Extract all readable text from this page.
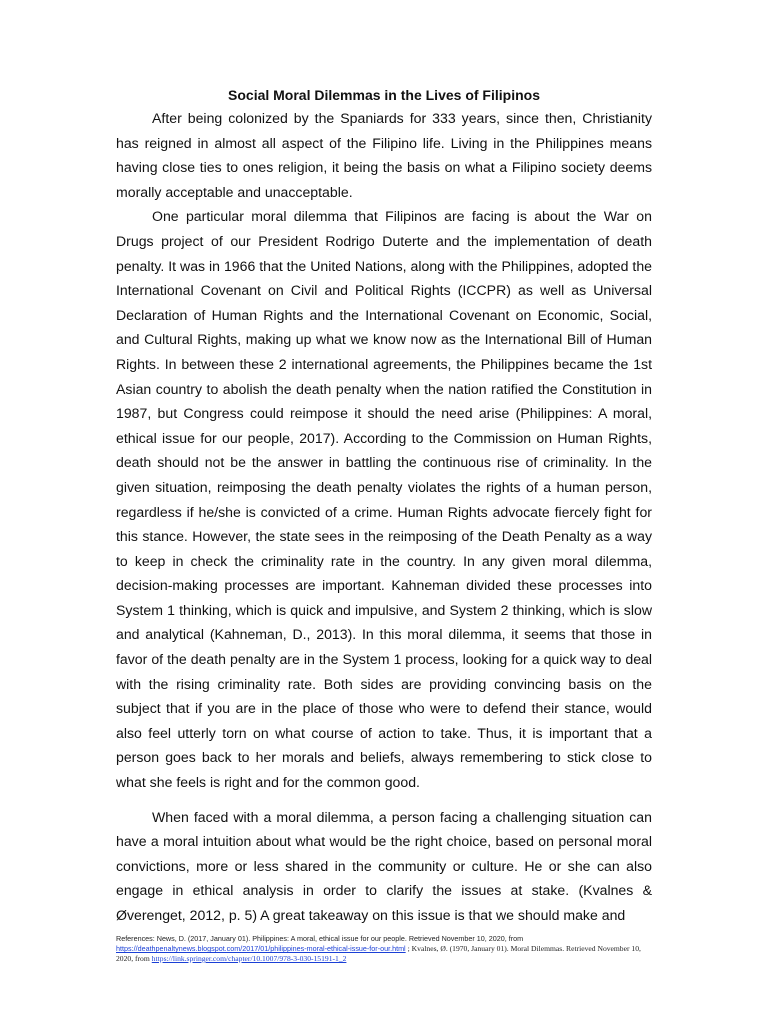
Social Moral Dilemmas in the Lives of Filipinos

After being colonized by the Spaniards for 333 years, since then, Christianity has reigned in almost all aspect of the Filipino life. Living in the Philippines means having close ties to ones religion, it being the basis on what a Filipino society deems morally acceptable and unacceptable.

One particular moral dilemma that Filipinos are facing is about the War on Drugs project of our President Rodrigo Duterte and the implementation of death penalty. It was in 1966 that the United Nations, along with the Philippines, adopted the International Covenant on Civil and Political Rights (ICCPR) as well as Universal Declaration of Human Rights and the International Covenant on Economic, Social, and Cultural Rights, making up what we know now as the International Bill of Human Rights. In between these 2 international agreements, the Philippines became the 1st Asian country to abolish the death penalty when the nation ratified the Constitution in 1987, but Congress could reimpose it should the need arise (Philippines: A moral, ethical issue for our people, 2017). According to the Commission on Human Rights, death should not be the answer in battling the continuous rise of criminality. In the given situation, reimposing the death penalty violates the rights of a human person, regardless if he/she is convicted of a crime. Human Rights advocate fiercely fight for this stance. However, the state sees in the reimposing of the Death Penalty as a way to keep in check the criminality rate in the country. In any given moral dilemma, decision-making processes are important. Kahneman divided these processes into System 1 thinking, which is quick and impulsive, and System 2 thinking, which is slow and analytical (Kahneman, D., 2013). In this moral dilemma, it seems that those in favor of the death penalty are in the System 1 process, looking for a quick way to deal with the rising criminality rate. Both sides are providing convincing basis on the subject that if you are in the place of those who were to defend their stance, would also feel utterly torn on what course of action to take. Thus, it is important that a person goes back to her morals and beliefs, always remembering to stick close to what she feels is right and for the common good.

When faced with a moral dilemma, a person facing a challenging situation can have a moral intuition about what would be the right choice, based on personal moral convictions, more or less shared in the community or culture. He or she can also engage in ethical analysis in order to clarify the issues at stake. (Kvalnes & Øverenget, 2012, p. 5) A great takeaway on this issue is that we should make and

References: News, D. (2017, January 01). Philippines: A moral, ethical issue for our people. Retrieved November 10, 2020, from https://deathpenaltynews.blogspot.com/2017/01/philippines-moral-ethical-issue-for-our.html ; Kvalnes, Ø. (1970, January 01). Moral Dilemmas. Retrieved November 10, 2020, from https://link.springer.com/chapter/10.1007/978-3-030-15191-1_2
